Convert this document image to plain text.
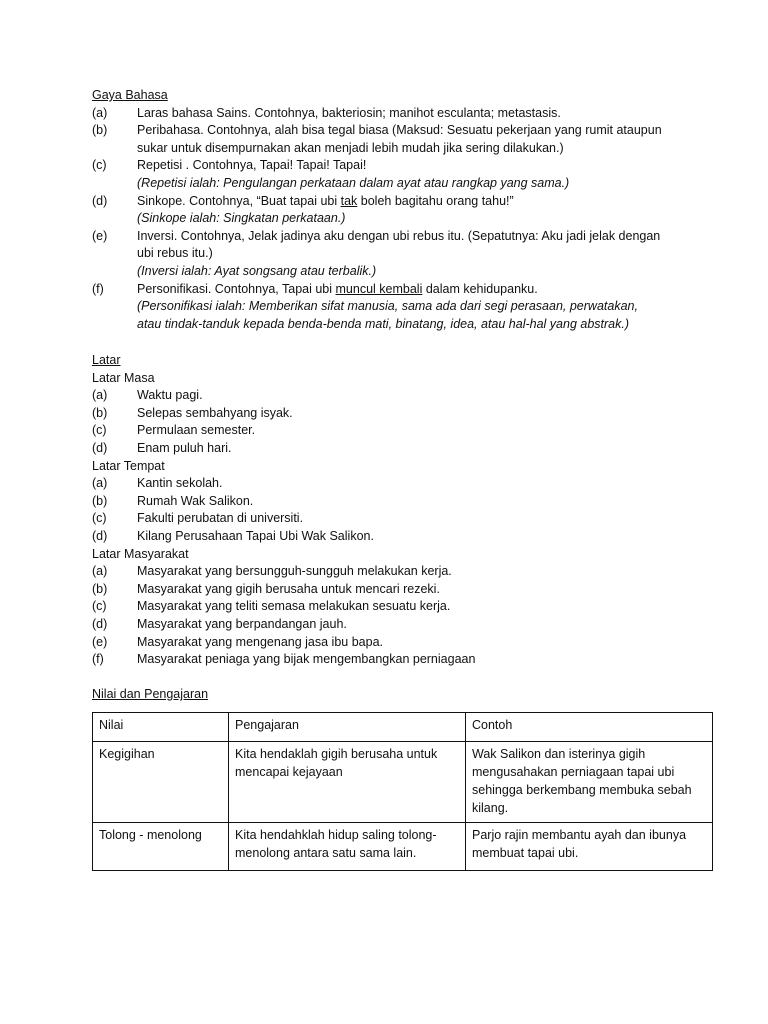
Gaya Bahasa
(a) Laras bahasa Sains. Contohnya, bakteriosin; manihot esculanta; metastasis.
(b) Peribahasa. Contohnya, alah bisa tegal biasa (Maksud: Sesuatu pekerjaan yang rumit ataupun
sukar untuk disempurnakan akan menjadi lebih mudah jika sering dilakukan.)
(c) Repetisi . Contohnya, Tapai! Tapai! Tapai!
(Repetisi ialah: Pengulangan perkataan dalam ayat atau rangkap yang sama.)
(d) Sinkope. Contohnya, “Buat tapai ubi tak boleh bagitahu orang tahu!”
(Sinkope ialah: Singkatan perkataan.)
(e) Inversi. Contohnya, Jelak jadinya aku dengan ubi rebus itu. (Sepatutnya: Aku jadi jelak dengan
ubi rebus itu.)
(Inversi ialah: Ayat songsang atau terbalik.)
(f)	Personifikasi. Contohnya, Tapai ubi muncul kembali dalam kehidupanku.
(Personifikasi ialah: Memberikan sifat manusia, sama ada dari segi perasaan, perwatakan,
atau tindak-tanduk kepada benda-benda mati, binatang, idea, atau hal-hal yang abstrak.)
Latar
Latar Masa
(a) Waktu pagi.
(b) Selepas sembahyang isyak.
(c) Permulaan semester.
(d) Enam puluh hari.
Latar Tempat
(a) Kantin sekolah.
(b) Rumah Wak Salikon.
(c) Fakulti perubatan di universiti.
(d) Kilang Perusahaan Tapai Ubi Wak Salikon.
Latar Masyarakat
(a) Masyarakat yang bersungguh-sungguh melakukan kerja.
(b) Masyarakat yang gigih berusaha untuk mencari rezeki.
(c) Masyarakat yang teliti semasa melakukan sesuatu kerja.
(d) Masyarakat yang berpandangan jauh.
(e) Masyarakat yang mengenang jasa ibu bapa.
(f)	Masyarakat peniaga yang bijak mengembangkan perniagaan
Nilai dan Pengajaran
Nilai	Pengajaran	Contoh
Kegigihan	Kita hendaklah gigih berusaha untuk
mencapai kejayaan	Wak Salikon dan isterinya gigih
mengusahakan perniagaan tapai ubi
sehingga berkembang membuka sebah
kilang.

Tolong - menolong	Kita hendahklah hidup saling tolong-
menolong antara satu sama lain.	Parjo rajin membantu ayah dan ibunya
membuat tapai ubi.
